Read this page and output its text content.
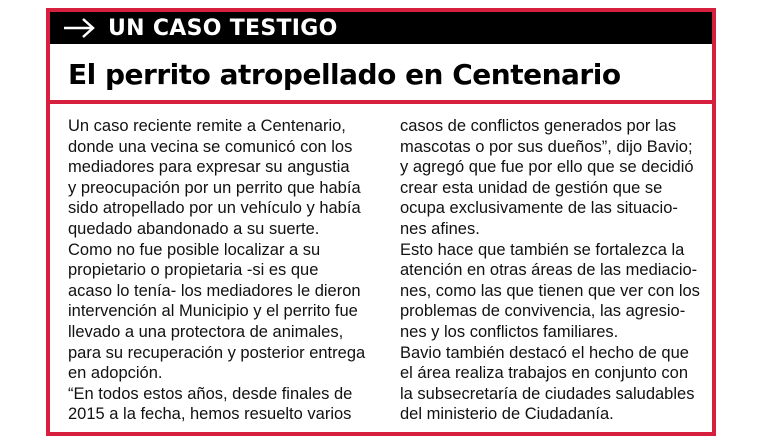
UN CASO TESTIGO
El perrito atropellado en Centenario
Un caso reciente remite a Centenario,
donde una vecina se comunicó con los
mediadores para expresar su angustia
y preocupación por un perrito que había
sido atropellado por un vehículo y había
quedado abandonado a su suerte.
Como no fue posible localizar a su
propietario o propietaria -si es que
acaso lo tenía- los mediadores le dieron
intervención al Municipio y el perrito fue
llevado a una protectora de animales,
para su recuperación y posterior entrega
en adopción.
“En todos estos años, desde finales de
2015 a la fecha, hemos resuelto varios
casos de conflictos generados por las
mascotas o por sus dueños”, dijo Bavio;
y agregó que fue por ello que se decidió
crear esta unidad de gestión que se
ocupa exclusivamente de las situacio-
nes afines.
Esto hace que también se fortalezca la
atención en otras áreas de las mediacio-
nes, como las que tienen que ver con los
problemas de convivencia, las agresio-
nes y los conflictos familiares.
Bavio también destacó el hecho de que
el área realiza trabajos en conjunto con
la subsecretaría de ciudades saludables
del ministerio de Ciudadanía.
